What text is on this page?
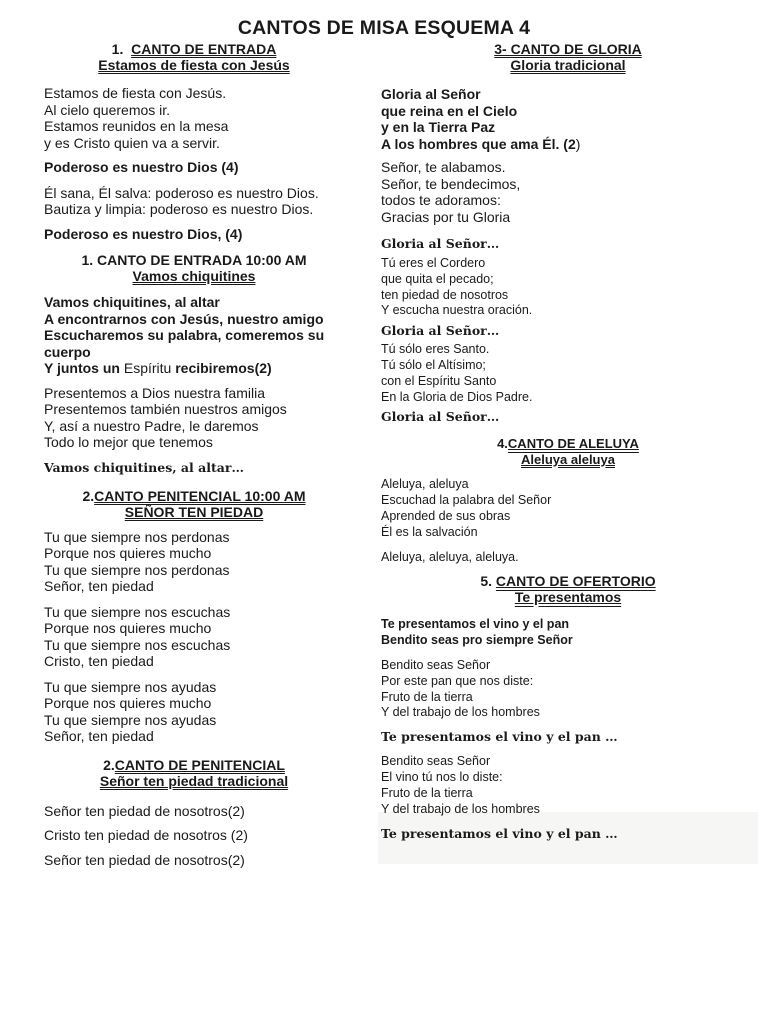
CANTOS DE MISA ESQUEMA 4
1. CANTO DE ENTRADA
Estamos de fiesta con Jesús
Estamos de fiesta con Jesús.
Al cielo queremos ir.
Estamos reunidos en la mesa
y es Cristo quien va a servir.
Poderoso es nuestro Dios (4)
Él sana, Él salva: poderoso es nuestro Dios.
Bautiza y limpia: poderoso es nuestro Dios.
Poderoso es nuestro Dios, (4)
1. CANTO DE ENTRADA 10:00 AM
Vamos chiquitines
Vamos chiquitines, al altar
A encontrarnos con Jesús, nuestro amigo
Escucharemos su palabra, comeremos su
cuerpo
Y juntos un Espíritu recibiremos(2)
Presentemos a Dios nuestra familia
Presentemos también nuestros amigos
Y, así a nuestro Padre, le daremos
Todo lo mejor que tenemos
Vamos chiquitines, al altar…
2.CANTO PENITENCIAL 10:00 AM
SEÑOR TEN PIEDAD
Tu que siempre nos perdonas
Porque nos quieres mucho
Tu que siempre nos perdonas
Señor, ten piedad
Tu que siempre nos escuchas
Porque nos quieres mucho
Tu que siempre nos escuchas
Cristo, ten piedad
Tu que siempre nos ayudas
Porque nos quieres mucho
Tu que siempre nos ayudas
Señor, ten piedad
2.CANTO DE PENITENCIAL
Señor ten piedad tradicional
Señor ten piedad de nosotros(2)
Cristo ten piedad de nosotros (2)
Señor ten piedad de nosotros(2)
3- CANTO DE GLORIA
Gloria tradicional
Gloria al Señor
que reina en el Cielo
y en la Tierra Paz
A los hombres que ama Él. (2)
Señor, te alabamos.
Señor, te bendecimos,
todos te adoramos:
Gracias por tu Gloria
Gloria al Señor…
Tú eres el Cordero
que quita el pecado;
ten piedad de nosotros
Y escucha nuestra oración.
Gloria al Señor…
Tú sólo eres Santo.
Tú sólo el Altísimo;
con el Espíritu Santo
En la Gloria de Dios Padre.
Gloria al Señor…
4.CANTO DE ALELUYA
Aleluya aleluya
Aleluya, aleluya
Escuchad la palabra del Señor
Aprended de sus obras
Él es la salvación
Aleluya, aleluya, aleluya.
5. CANTO DE OFERTORIO
Te presentamos
Te presentamos el vino y el pan
Bendito seas pro siempre Señor
Bendito seas Señor
Por este pan que nos diste:
Fruto de la tierra
Y del trabajo de los hombres
Te presentamos el vino y el pan …
Bendito seas Señor
El vino tú nos lo diste:
Fruto de la tierra
Y del trabajo de los hombres
Te presentamos el vino y el pan …
